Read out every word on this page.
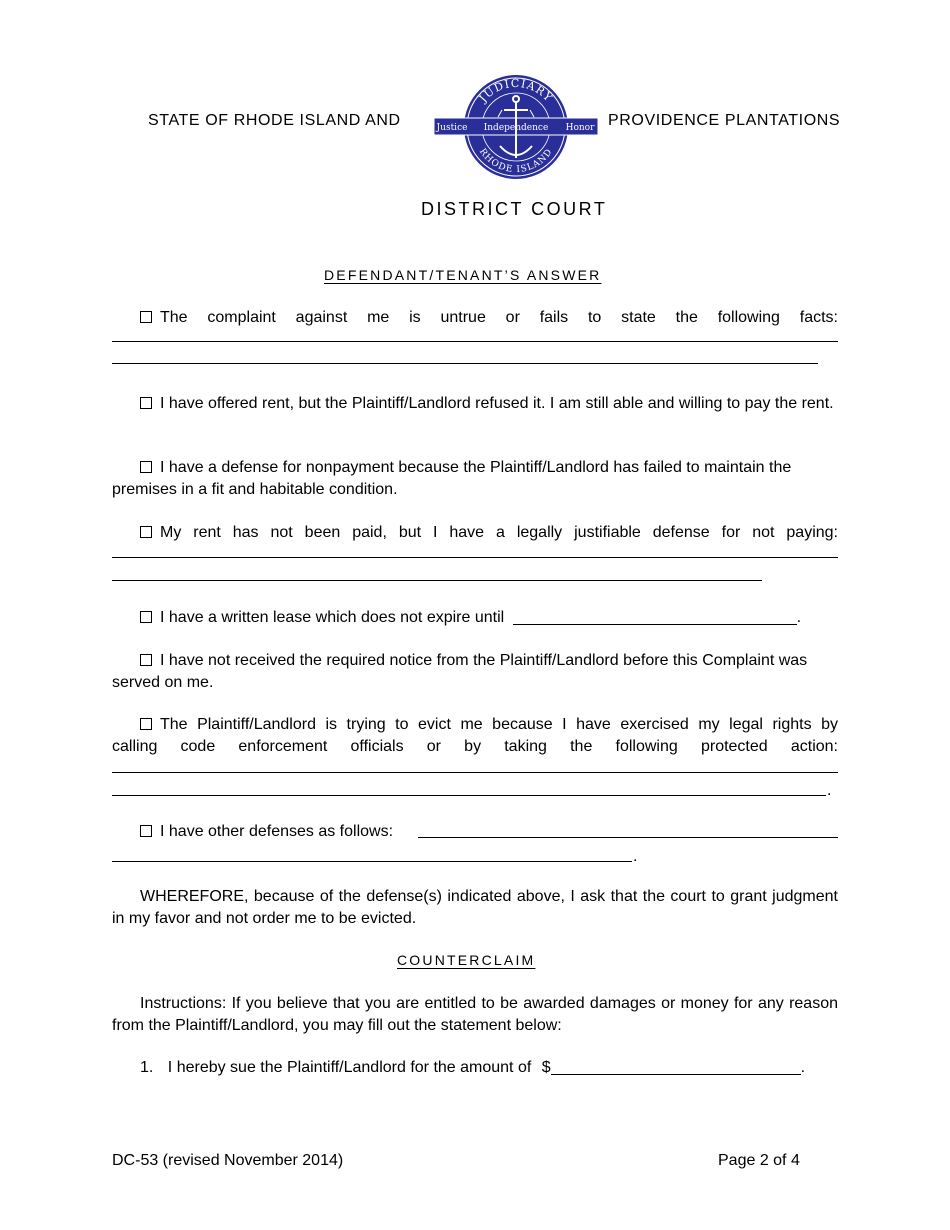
STATE OF RHODE ISLAND AND	PROVIDENCE PLANTATIONS
JUDICIARY
RHODE ISLAND
Justice Independence Honor
DISTRICT COURT
DEFENDANT/TENANT’S ANSWER
The complaint against me is untrue or fails to state the following facts:
I have offered rent, but the Plaintiff/Landlord refused it. I am still able and willing to pay the rent.
I have a defense for nonpayment because the Plaintiff/Landlord has failed to maintain the premises in a fit and habitable condition.
My rent has not been paid, but I have a legally justifiable defense for not paying:
I have a written lease which does not expire until	.
I have not received the required notice from the Plaintiff/Landlord before this Complaint was served on me.
The Plaintiff/Landlord is trying to evict me because I have exercised my legal rights by
calling code enforcement officials or by taking the following protected action:
.
I have other defenses as follows:
.
WHEREFORE, because of the defense(s) indicated above, I ask that the court to grant judgment in my favor and not order me to be evicted.
COUNTERCLAIM
Instructions: If you believe that you are entitled to be awarded damages or money for any reason from the Plaintiff/Landlord, you may fill out the statement below:
1. I hereby sue the Plaintiff/Landlord for the amount of $	.
DC-53 (revised November 2014)	Page 2 of 4
